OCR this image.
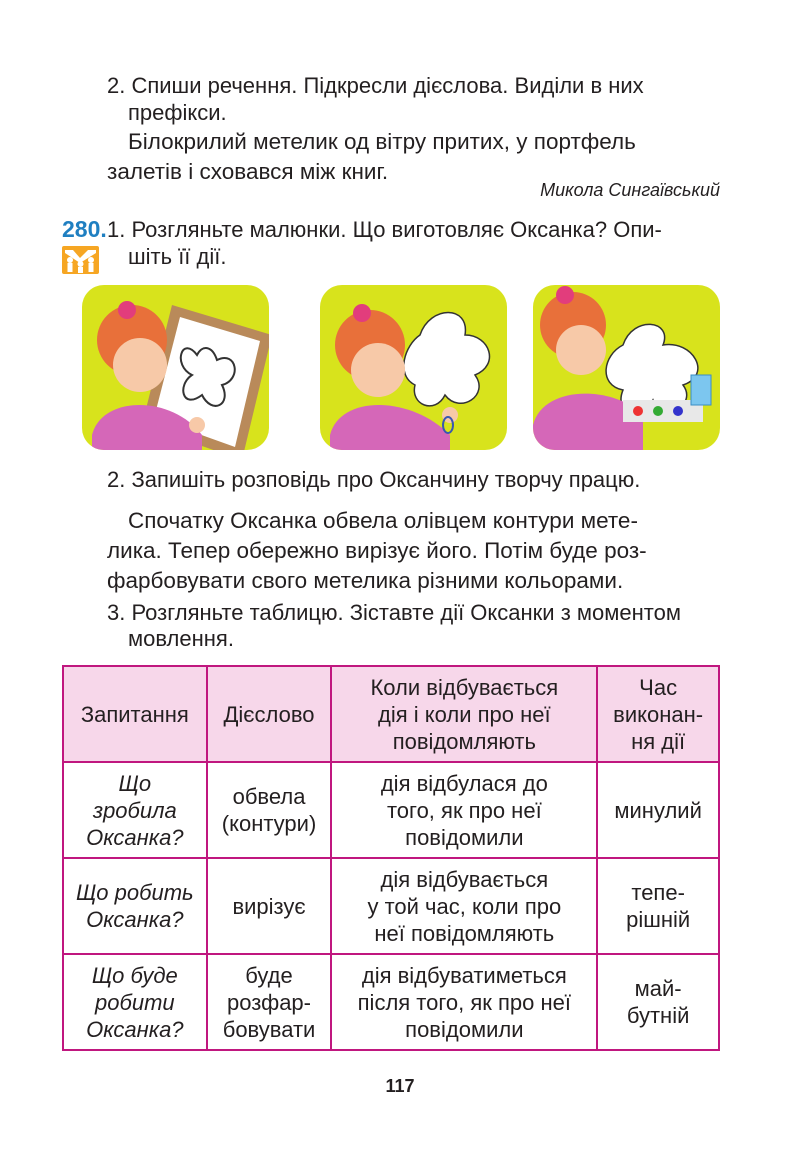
2. Спиши речення. Підкресли дієслова. Виділи в них
префікси.
Білокрилий метелик од вітру притих, у портфель
залетів і сховався між книг.
Микола Сингаївський
280. 1. Розгляньте малюнки. Що виготовляє Оксанка? Опи-
шіть її дії.
2. Запишіть розповідь про Оксанчину творчу працю.
Спочатку Оксанка обвела олівцем контури мете-
лика. Тепер обережно вирізує його. Потім буде роз-
фарбовувати свого метелика різними кольорами.
3. Розгляньте таблицю. Зіставте дії Оксанки з моментом
мовлення.
Запитання	Дієслово	Коли відбувається
дія і коли про неї
повідомляють	Час
виконан-
ня дії
Що
зробила
Оксанка?	обвела
(контури)	дія відбулася до
того, як про неї
повідомили	минулий
Що робить
Оксанка?	вирізує	дія відбувається
у той час, коли про
неї повідомляють	тепе-
рішній
Що буде
робити
Оксанка?	буде
розфар-
бовувати	дія відбуватиметься
після того, як про неї
повідомили	май-
бутній
117
